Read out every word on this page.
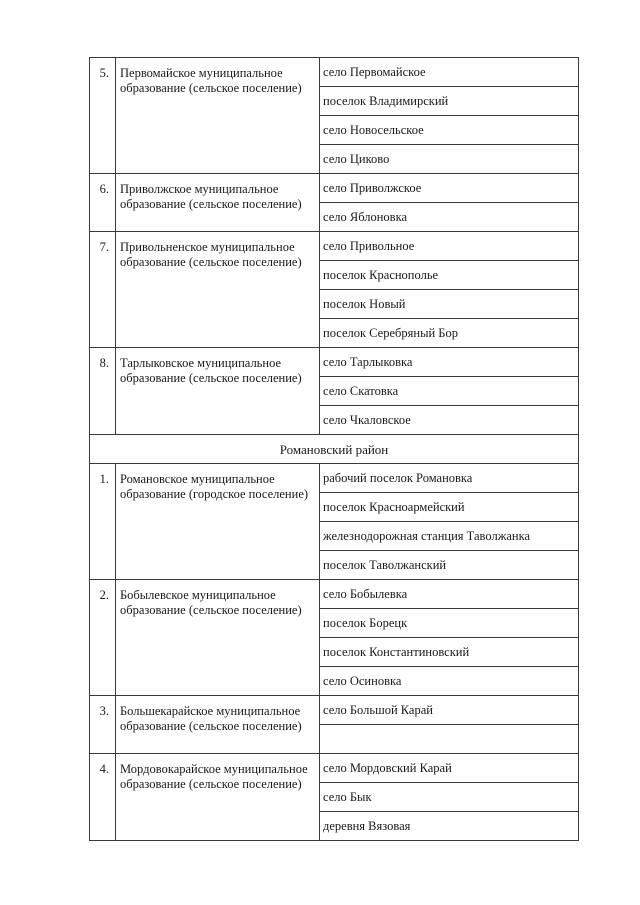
5.	Первомайское муниципальное образование (сельское поселение)	село Первомайское
		поселок Владимирский
		село Новосельское
		село Циково
6.	Приволжское муниципальное образование (сельское поселение)	село Приволжское
		село Яблоновка
7.	Привольненское муниципальное образование (сельское поселение)	село Привольное
		поселок Краснополье
		поселок Новый
		поселок Серебряный Бор
8.	Тарлыковское муниципальное образование (сельское поселение)	село Тарлыковка
		село Скатовка
		село Чкаловское
Романовский район		
1.	Романовское муниципальное образование (городское поселение)	рабочий поселок Романовка
		поселок Красноармейский
		железнодорожная станция Таволжанка
		поселок Таволжанский
2.	Бобылевское муниципальное образование (сельское поселение)	село Бобылевка
		поселок Борецк
		поселок Константиновский
		село Осиновка
3.	Большекарайское муниципальное образование (сельское поселение)	село Большой Карай

4.	Мордовокарайское муниципальное образование (сельское поселение)	село Мордовский Карай
		село Бык
		деревня Вязовая
